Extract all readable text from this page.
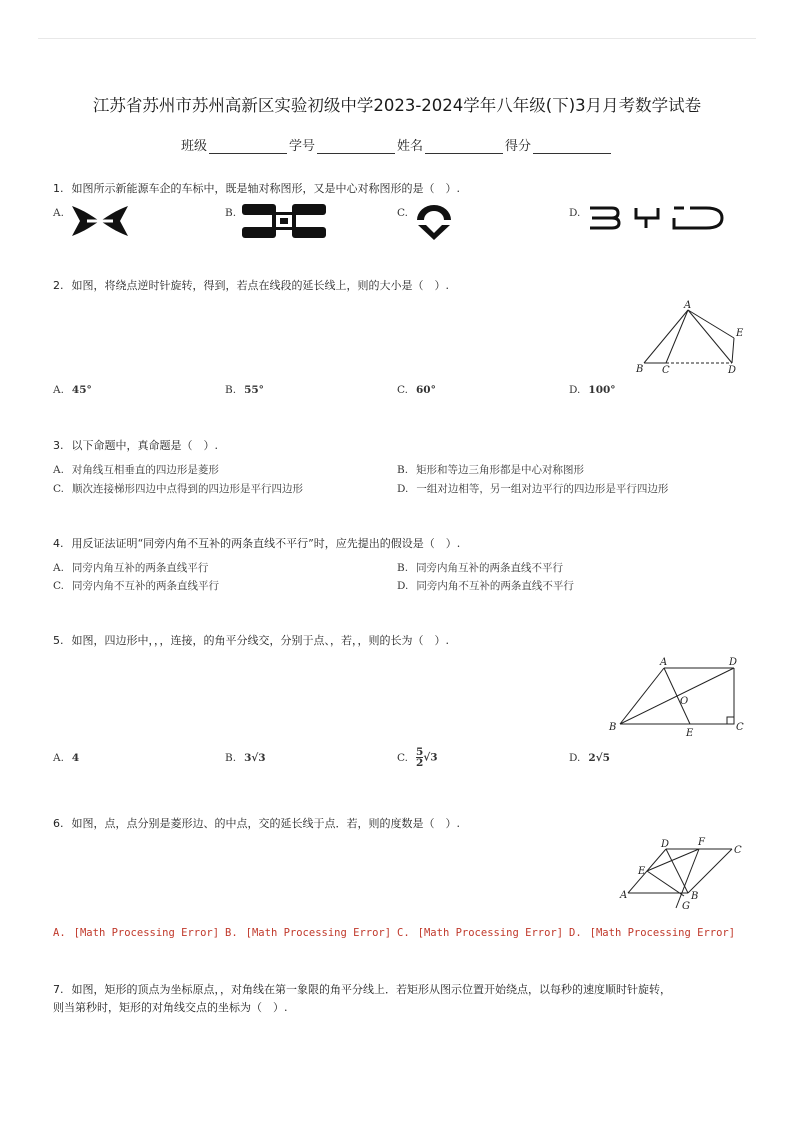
江苏省苏州市苏州高新区实验初级中学2023-2024学年八年级(下)3月月考数学试卷
班级	学号	姓名	得分
1. 如图所示新能源车企的车标中，既是轴对称图形，又是中心对称图形的是（　）.
A.	B.	C.	D.
2. 如图，将绕点逆时针旋转，得到，若点在线段的延长线上，则的大小是（　）.
A
E
B C	D
A. 45°	B. 55°	C. 60°	D. 100°
3. 以下命题中，真命题是（　）.
A. 对角线互相垂直的四边形是菱形	B. 矩形和等边三角形都是中心对称图形
C. 顺次连接梯形四边中点得到的四边形是平行四边形	D. 一组对边相等，另一组对边平行的四边形是平行四边形
4. 用反证法证明“同旁内角不互补的两条直线不平行”时，应先提出的假设是（　）.
A. 同旁内角互补的两条直线平行	B. 同旁内角互补的两条直线不平行
C. 同旁内角不互补的两条直线平行	D. 同旁内角不互补的两条直线不平行
5. 如图，四边形中，，，连接，的角平分线交，分别于点、，若，，则的长为（　）.
A	D
O
B
E
C
A. 4	B. 3√3	C. $\frac{5}{2} √3$	D. 2√5
6. 如图，点，点分别是菱形边、的中点，交的延长线于点．若，则的度数是（　）.
D	F
C
E
A	B
G
A. [Math Processing Error] B. [Math Processing Error] C. [Math Processing Error] D. [Math Processing Error]
7. 如图，矩形的顶点为坐标原点，，对角线在第一象限的角平分线上．若矩形从图示位置开始绕点，以每秒的速度顺时针旋转，
则当第秒时，矩形的对角线交点的坐标为（　）.
